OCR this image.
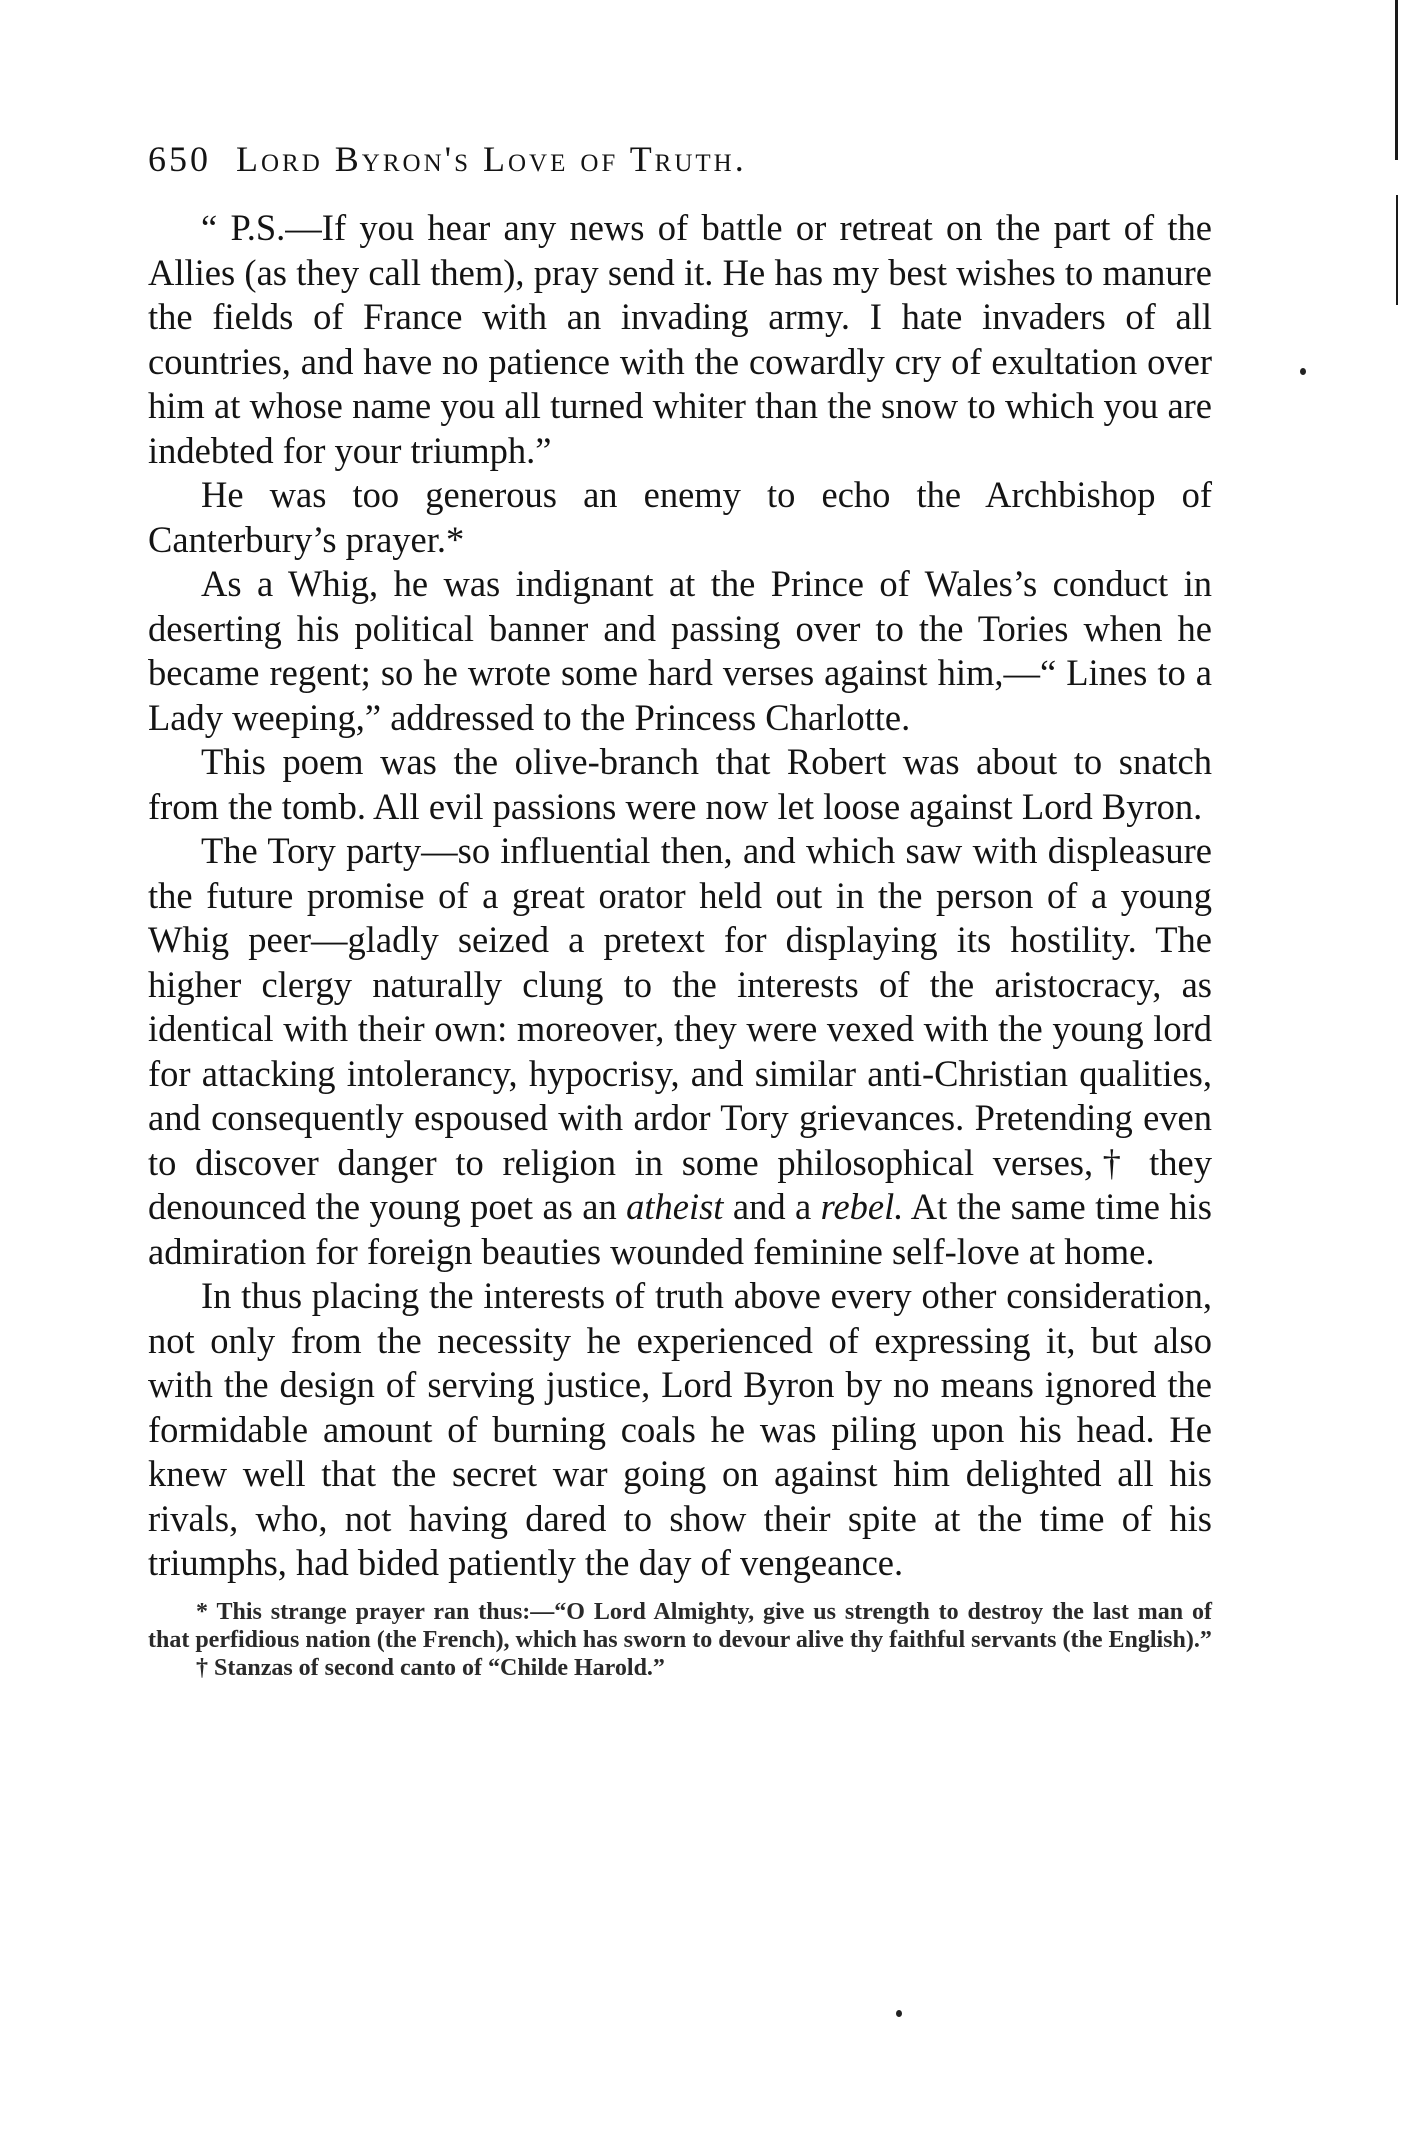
650 Lord Byron's Love of Truth.

“ P.S.—If you hear any news of battle or retreat on the part of the Allies (as they call them), pray send it. He has my best wishes to manure the fields of France with an invading army. I hate invaders of all countries, and have no patience with the cowardly cry of exultation over him at whose name you all turned whiter than the snow to which you are indebted for your triumph.”

He was too generous an enemy to echo the Archbishop of Canterbury’s prayer.*

As a Whig, he was indignant at the Prince of Wales’s conduct in deserting his political banner and passing over to the Tories when he became regent; so he wrote some hard verses against him,—“ Lines to a Lady weeping,” addressed to the Princess Charlotte.

This poem was the olive-branch that Robert was about to snatch from the tomb. All evil passions were now let loose against Lord Byron.

The Tory party—so influential then, and which saw with displeasure the future promise of a great orator held out in the person of a young Whig peer—gladly seized a pretext for displaying its hostility. The higher clergy naturally clung to the interests of the aristocracy, as identical with their own: moreover, they were vexed with the young lord for attacking intolerancy, hypocrisy, and similar anti-Christian qualities, and consequently espoused with ardor Tory grievances. Pretending even to discover danger to religion in some philosophical verses,† they denounced the young poet as an atheist and a rebel. At the same time his admiration for foreign beauties wounded feminine self-love at home.

In thus placing the interests of truth above every other consideration, not only from the necessity he experienced of expressing it, but also with the design of serving justice, Lord Byron by no means ignored the formidable amount of burning coals he was piling upon his head. He knew well that the secret war going on against him delighted all his rivals, who, not having dared to show their spite at the time of his triumphs, had bided patiently the day of vengeance.

* This strange prayer ran thus:—“O Lord Almighty, give us strength to destroy the last man of that perfidious nation (the French), which has sworn to devour alive thy faithful servants (the English).”

† Stanzas of second canto of “Childe Harold.”
